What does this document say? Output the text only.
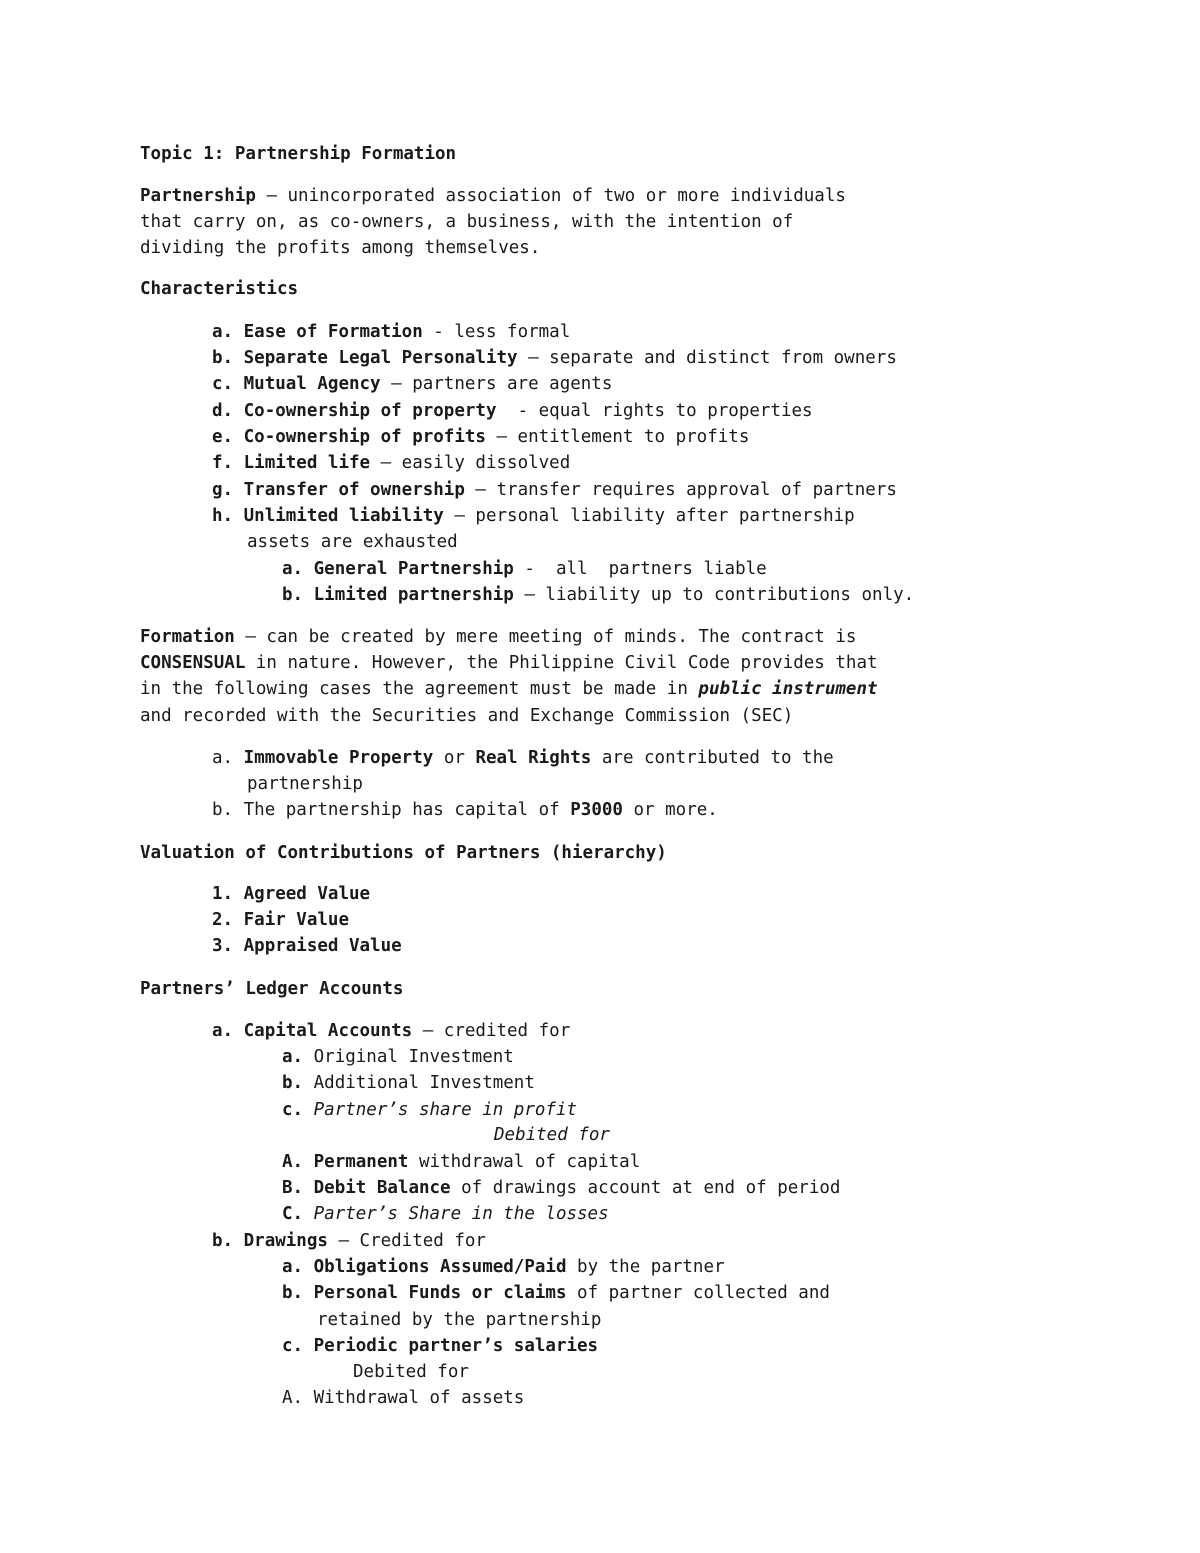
Topic 1: Partnership Formation
Partnership – unincorporated association of two or more individuals
that carry on, as co-owners, a business, with the intention of
dividing the profits among themselves.
Characteristics
a. Ease of Formation - less formal
b. Separate Legal Personality – separate and distinct from owners
c. Mutual Agency – partners are agents
d. Co-ownership of property  - equal rights to properties
e. Co-ownership of profits — entitlement to profits
f. Limited life – easily dissolved
g. Transfer of ownership — transfer requires approval of partners
h. Unlimited liability – personal liability after partnership
assets are exhausted
a. General Partnership -  all  partners liable
b. Limited partnership – liability up to contributions only.
Formation – can be created by mere meeting of minds. The contract is
CONSENSUAL in nature. However, the Philippine Civil Code provides that
in the following cases the agreement must be made in public instrument
and recorded with the Securities and Exchange Commission (SEC)
a. Immovable Property or Real Rights are contributed to the
partnership
b. The partnership has capital of P3000 or more.
Valuation of Contributions of Partners (hierarchy)
1. Agreed Value
2. Fair Value
3. Appraised Value
Partners’ Ledger Accounts
a. Capital Accounts — credited for
a. Original Investment
b. Additional Investment
c. Partner’s share in profit
Debited for
A. Permanent withdrawal of capital
B. Debit Balance of drawings account at end of period
C. Parter’s Share in the losses
b. Drawings — Credited for
a. Obligations Assumed/Paid by the partner
b. Personal Funds or claims of partner collected and
retained by the partnership
c. Periodic partner’s salaries
Debited for
A. Withdrawal of assets
